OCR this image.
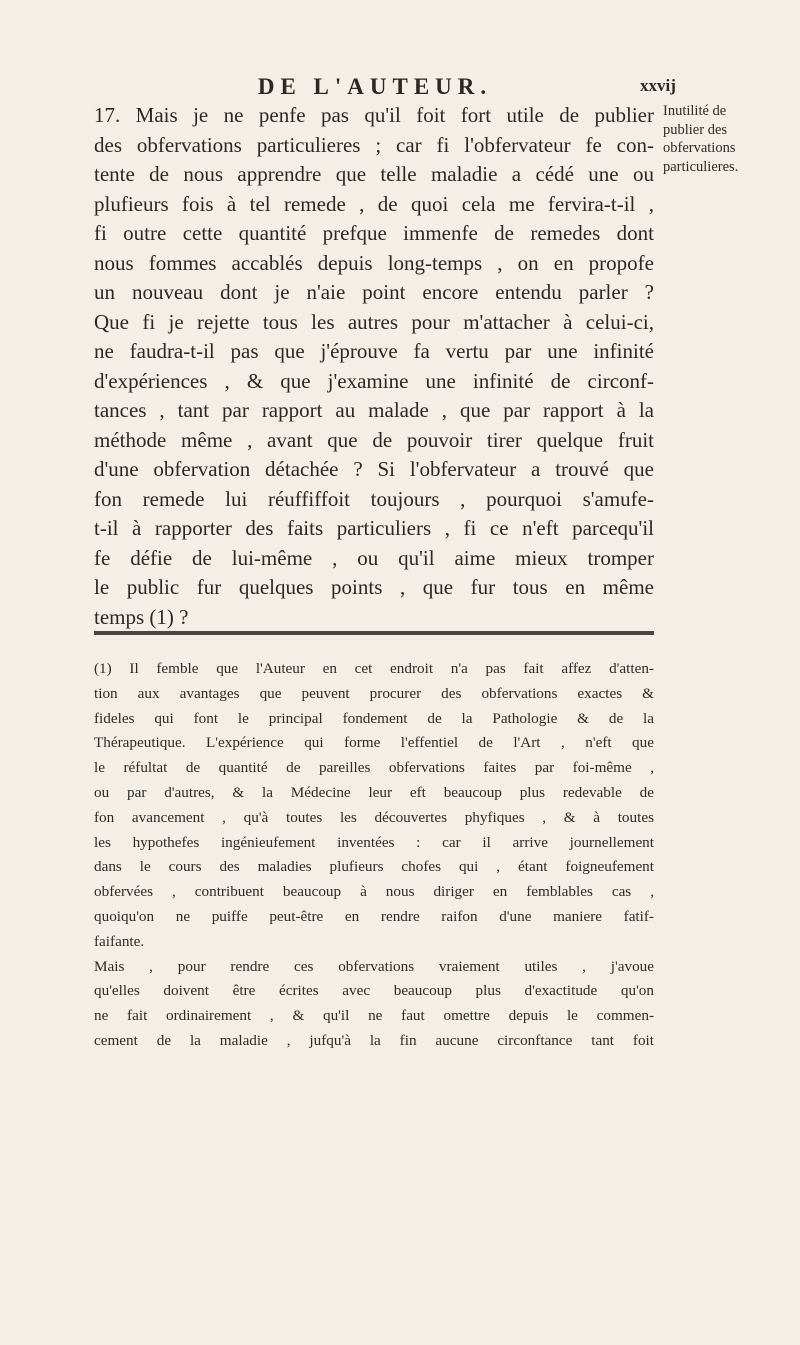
DE L'AUTEUR.	xxvij
17. Mais je ne penfe pas qu'il foit fort utile de publier
des obfervations particulieres ; car fi l'obfervateur fe con-
tente de nous apprendre que telle maladie a cédé une ou
plufieurs fois à tel remede , de quoi cela me fervira-t-il ,
fi outre cette quantité prefque immenfe de remedes dont
nous fommes accablés depuis long-temps , on en propofe
un nouveau dont je n'aie point encore entendu parler ?
Que fi je rejette tous les autres pour m'attacher à celui-ci,
ne faudra-t-il pas que j'éprouve fa vertu par une infinité
d'expériences , & que j'examine une infinité de circonf-
tances , tant par rapport au malade , que par rapport à la
méthode même , avant que de pouvoir tirer quelque fruit
d'une obfervation détachée ? Si l'obfervateur a trouvé que
fon remede lui réuffiffoit toujours , pourquoi s'amufe-
t-il à rapporter des faits particuliers , fi ce n'eft parcequ'il
fe défie de lui-même , ou qu'il aime mieux tromper
le public fur quelques points , que fur tous en même
temps (1) ?
Inutilité de
publier des
obfervations
particulieres.
(1) Il femble que l'Auteur en cet endroit n'a pas fait affez d'atten-
tion aux avantages que peuvent procurer des obfervations exactes &
fideles qui font le principal fondement de la Pathologie & de la
Thérapeutique. L'expérience qui forme l'effentiel de l'Art , n'eft que
le réfultat de quantité de pareilles obfervations faites par foi-même ,
ou par d'autres, & la Médecine leur eft beaucoup plus redevable de
fon avancement , qu'à toutes les découvertes phyfiques , & à toutes
les hypothefes ingénieufement inventées : car il arrive journellement
dans le cours des maladies plufieurs chofes qui , étant foigneufement
obfervées , contribuent beaucoup à nous diriger en femblables cas ,
quoiqu'on ne puiffe peut-être en rendre raifon d'une maniere fatif-
faifante.
Mais , pour rendre ces obfervations vraiement utiles , j'avoue
qu'elles doivent être écrites avec beaucoup plus d'exactitude qu'on
ne fait ordinairement , & qu'il ne faut omettre depuis le commen-
cement de la maladie , jufqu'à la fin aucune circonftance tant foit
